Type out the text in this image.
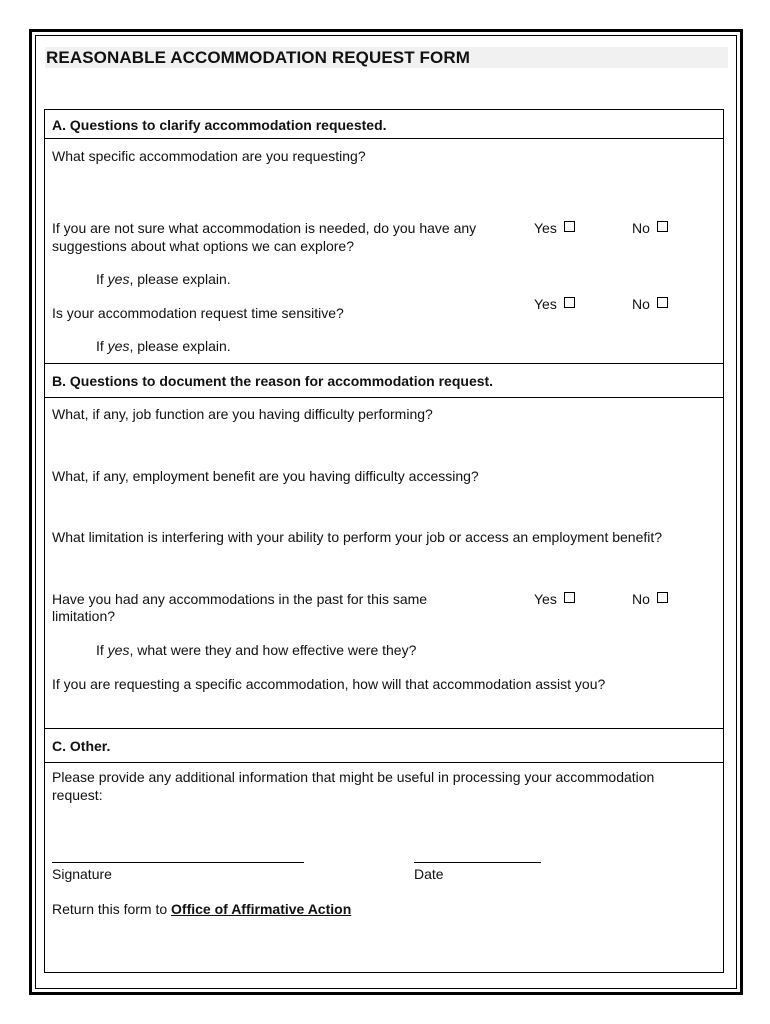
REASONABLE ACCOMMODATION REQUEST FORM
A. Questions to clarify accommodation requested.
What specific accommodation are you requesting?
If you are not sure what accommodation is needed, do you have any
suggestions about what options we can explore?
Yes	No
If yes, please explain.
Is your accommodation request time sensitive?
Yes	No
If yes, please explain.
B. Questions to document the reason for accommodation request.
What, if any, job function are you having difficulty performing?
What, if any, employment benefit are you having difficulty accessing?
What limitation is interfering with your ability to perform your job or access an employment benefit?
Have you had any accommodations in the past for this same
limitation?
Yes	No
If yes, what were they and how effective were they?
If you are requesting a specific accommodation, how will that accommodation assist you?
C. Other.
Please provide any additional information that might be useful in processing your accommodation
request:
Signature	Date
Return this form to Office of Affirmative Action
